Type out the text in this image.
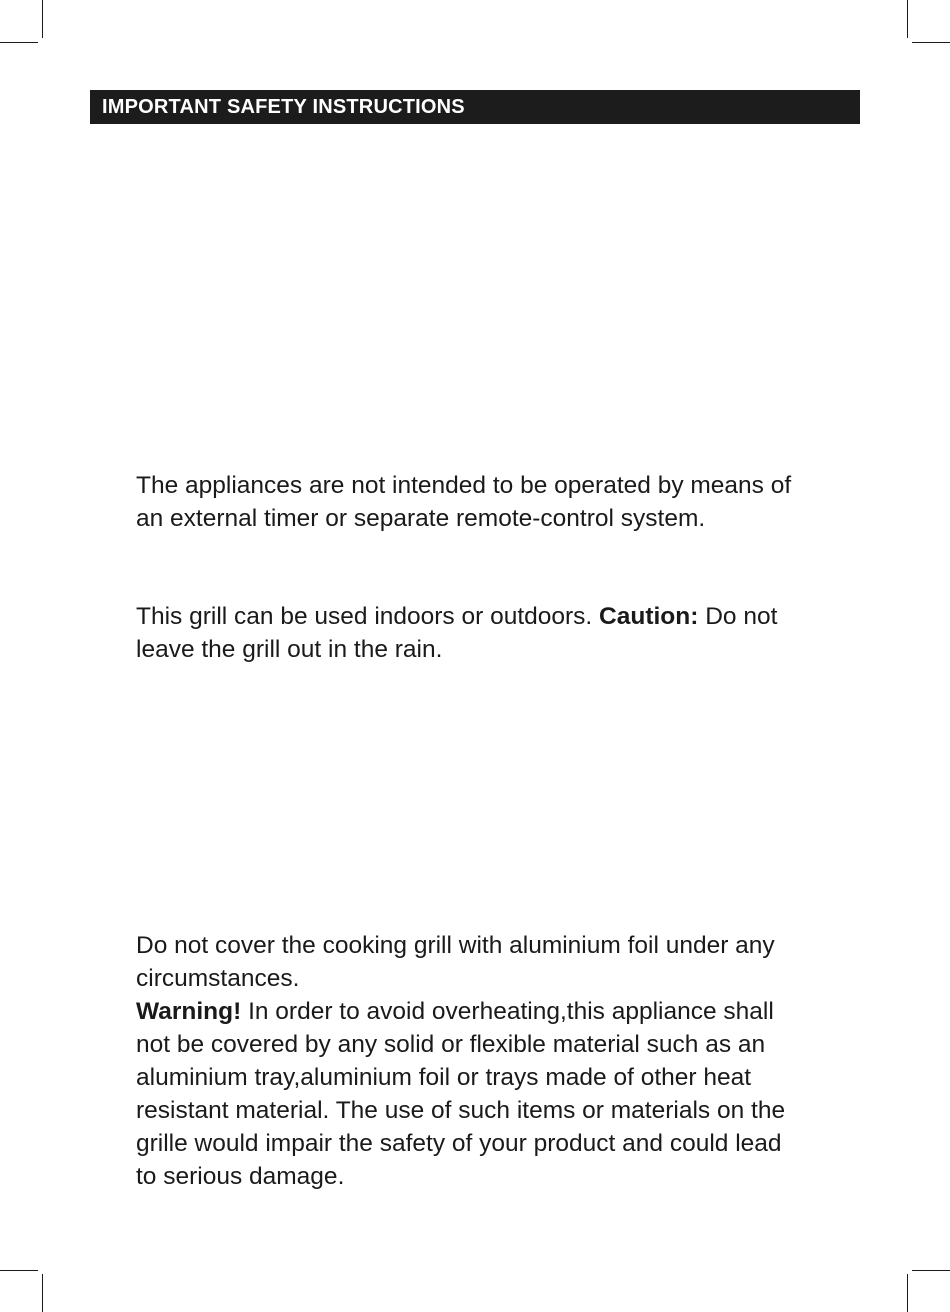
IMPORTANT SAFETY INSTRUCTIONS

The appliances are not intended to be operated by means of
an external timer or separate remote-control system.

This grill can be used indoors or outdoors. Caution: Do not
leave the grill out in the rain.

Do not cover the cooking grill with aluminium foil under any
circumstances.
Warning! In order to avoid overheating,this appliance shall
not be covered by any solid or flexible material such as an
aluminium tray,aluminium foil or trays made of other heat
resistant material. The use of such items or materials on the
grille would impair the safety of your product and could lead
to serious damage.
